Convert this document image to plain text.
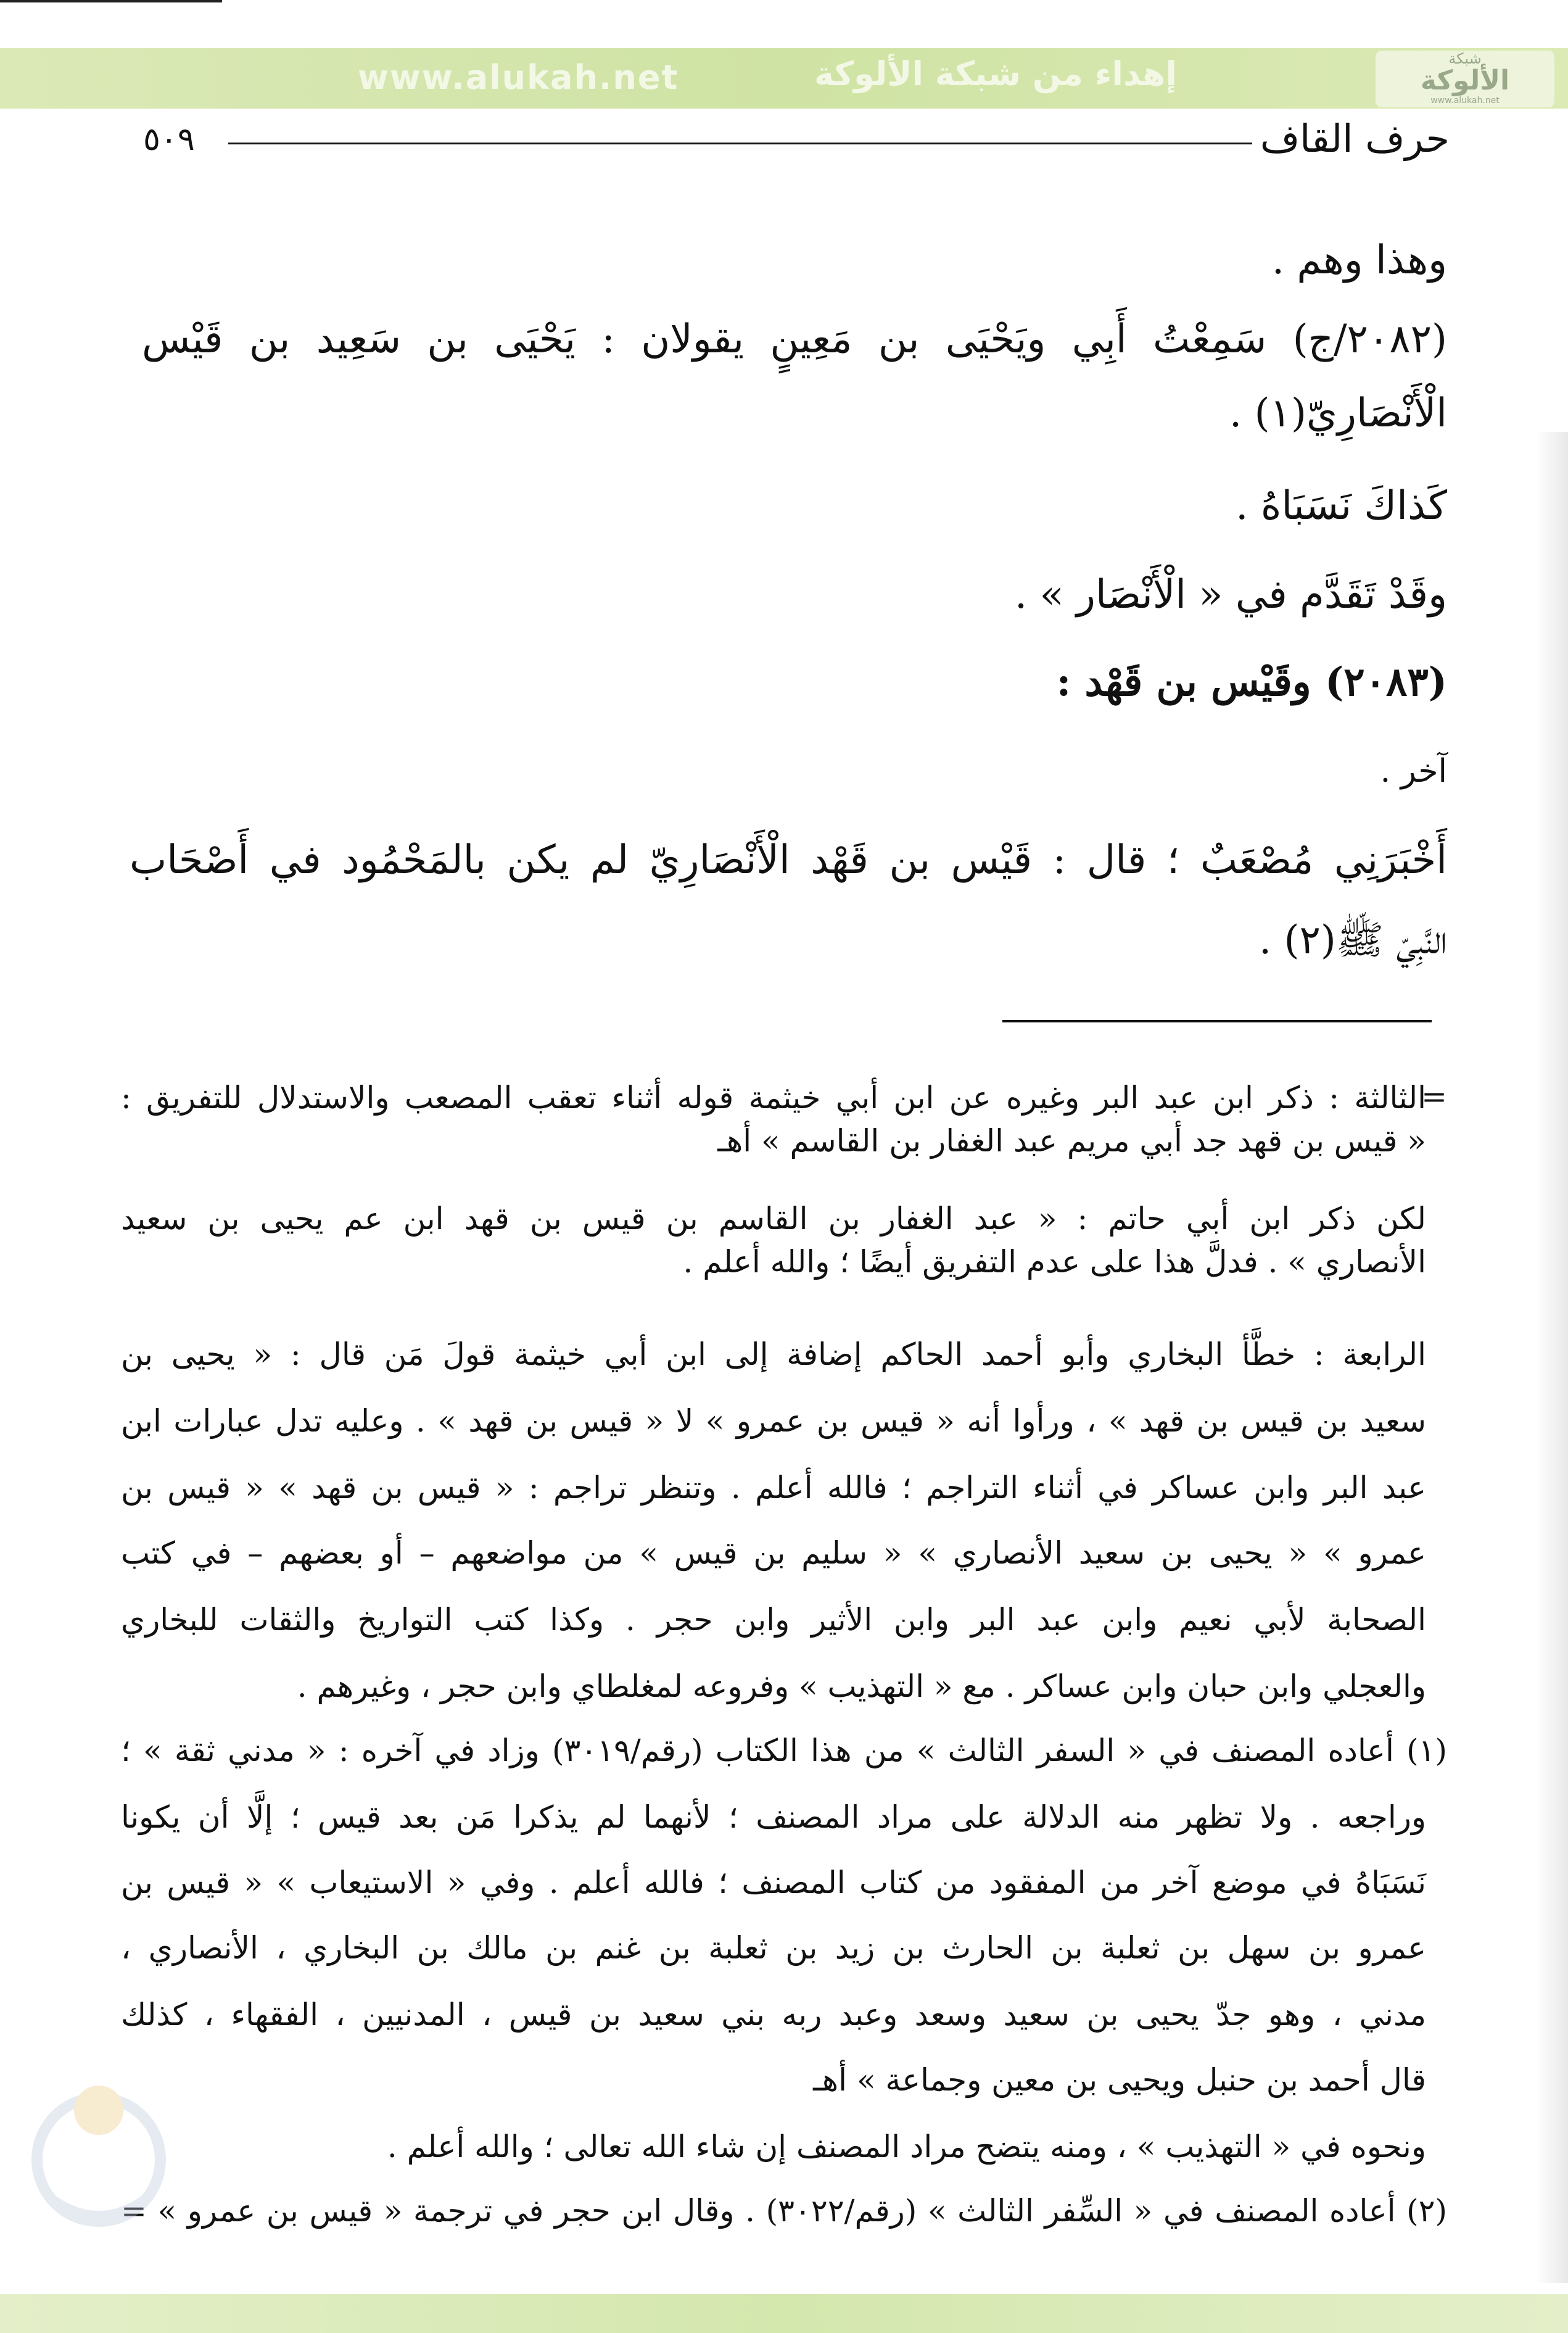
www.alukah.net	إهداء من شبكة الألوكة	شبكة
الألوكة
www.alukah.net
٥٠٩	حرف القاف
وهذا وهم .
(٢٠٨٢/ج) سَمِعْتُ أَبِي ويَحْيَى بن مَعِينٍ يقولان : يَحْيَى بن سَعِيد بن قَيْس
الْأَنْصَارِيّ(١) .
كَذاكَ نَسَبَاهُ .
وقَدْ تَقَدَّم في « الْأَنْصَار » .
(٢٠٨٣) وقَيْس بن قَهْد :
آخر .
أَخْبَرَنِي مُصْعَبٌ ؛ قال : قَيْس بن قَهْد الْأَنْصَارِيّ لم يكن بالمَحْمُود في أَصْحَاب
النَّبِيّ ﷺ(٢) .
=
الثالثة : ذكر ابن عبد البر وغيره عن ابن أبي خيثمة قوله أثناء تعقب المصعب والاستدلال للتفريق :
« قيس بن قهد جد أبي مريم عبد الغفار بن القاسم » أهـ
لكن ذكر ابن أبي حاتم : « عبد الغفار بن القاسم بن قيس بن قهد ابن عم يحيى بن سعيد
الأنصاري » . فدلَّ هذا على عدم التفريق أيضًا ؛ والله أعلم .
الرابعة : خطَّأ البخاري وأبو أحمد الحاكم إضافة إلى ابن أبي خيثمة قولَ مَن قال : « يحيى بن
سعيد بن قيس بن قهد » ، ورأوا أنه « قيس بن عمرو » لا « قيس بن قهد » . وعليه تدل عبارات ابن
عبد البر وابن عساكر في أثناء التراجم ؛ فالله أعلم . وتنظر تراجم : « قيس بن قهد » « قيس بن
عمرو » « يحيى بن سعيد الأنصاري » « سليم بن قيس » من مواضعهم – أو بعضهم – في كتب
الصحابة لأبي نعيم وابن عبد البر وابن الأثير وابن حجر . وكذا كتب التواريخ والثقات للبخاري
والعجلي وابن حبان وابن عساكر . مع « التهذيب » وفروعه لمغلطاي وابن حجر ، وغيرهم .
(١) أعاده المصنف في « السفر الثالث » من هذا الكتاب (رقم/٣٠١٩) وزاد في آخره : « مدني ثقة » ؛
وراجعه . ولا تظهر منه الدلالة على مراد المصنف ؛ لأنهما لم يذكرا مَن بعد قيس ؛ إلَّا أن يكونا
نَسَبَاهُ في موضع آخر من المفقود من كتاب المصنف ؛ فالله أعلم . وفي « الاستيعاب » « قيس بن
عمرو بن سهل بن ثعلبة بن الحارث بن زيد بن ثعلبة بن غنم بن مالك بن البخاري ، الأنصاري ،
مدني ، وهو جدّ يحيى بن سعيد وسعد وعبد ربه بني سعيد بن قيس ، المدنيين ، الفقهاء ، كذلك
قال أحمد بن حنبل ويحيى بن معين وجماعة » أهـ
ونحوه في « التهذيب » ، ومنه يتضح مراد المصنف إن شاء الله تعالى ؛ والله أعلم .
(٢) أعاده المصنف في « السِّفر الثالث » (رقم/٣٠٢٢) . وقال ابن حجر في ترجمة « قيس بن عمرو » =
